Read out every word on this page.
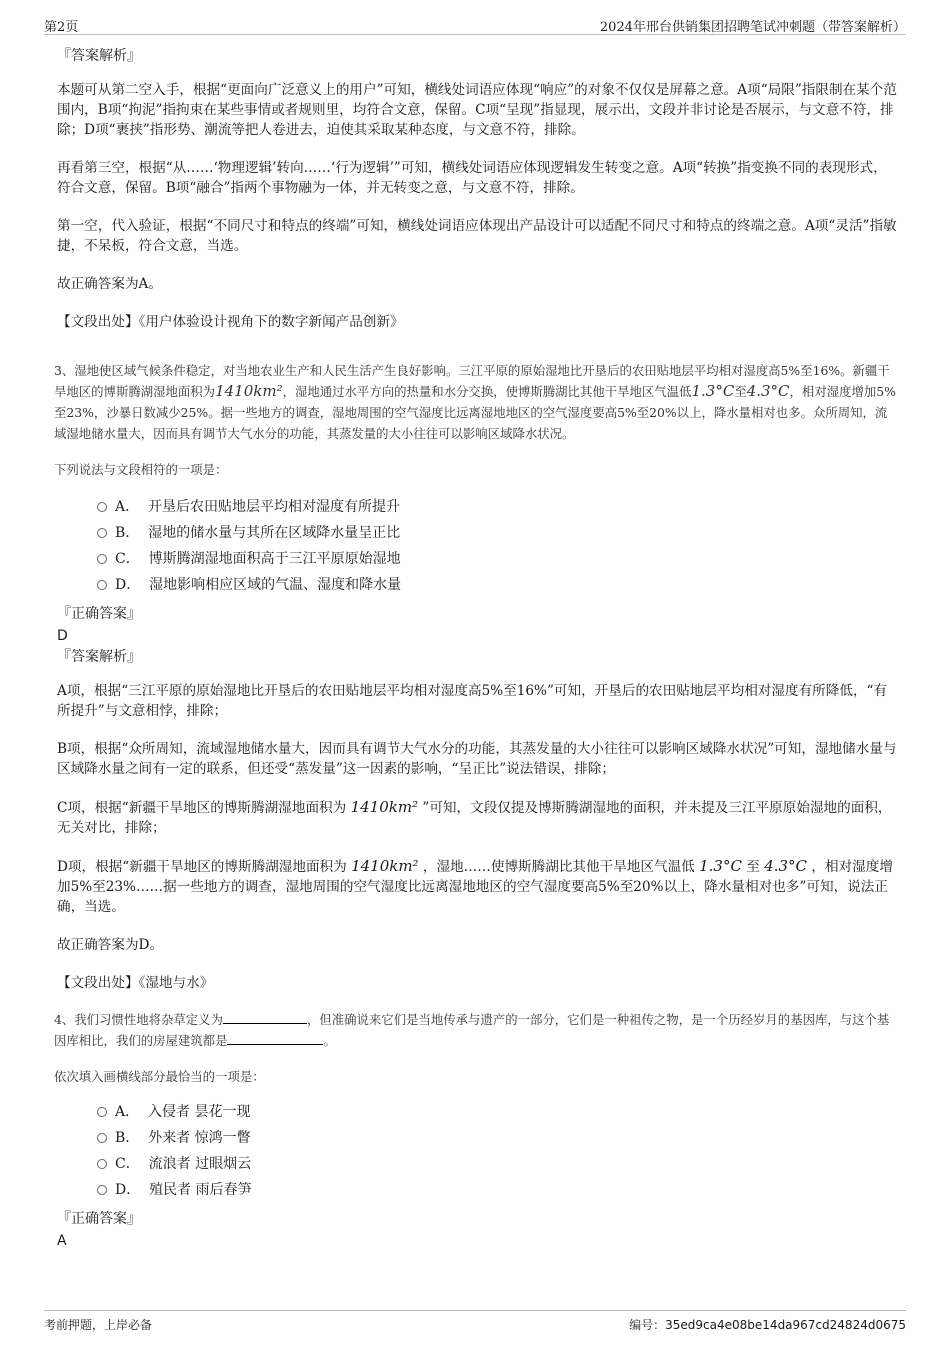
第2页	2024年邢台供销集团招聘笔试冲刺题（带答案解析）

『答案解析』

本题可从第二空入手，根据“更面向广泛意义上的用户”可知，横线处词语应体现“响应”的对象不仅仅是屏幕之意。A项“局限”指限制在某个范围内，B项“拘泥”指拘束在某些事情或者规则里，均符合文意，保留。C项“呈现”指显现，展示出，文段并非讨论是否展示，与文意不符，排除；D项“裹挟”指形势、潮流等把人卷进去，迫使其采取某种态度，与文意不符，排除。

再看第三空，根据“从……‘物理逻辑’转向……‘行为逻辑’”可知，横线处词语应体现逻辑发生转变之意。A项“转换”指变换不同的表现形式，符合文意，保留。B项“融合”指两个事物融为一体，并无转变之意，与文意不符，排除。

第一空，代入验证，根据“不同尺寸和特点的终端”可知，横线处词语应体现出产品设计可以适配不同尺寸和特点的终端之意。A项“灵活”指敏捷，不呆板，符合文意，当选。

故正确答案为A。

【文段出处】《用户体验设计视角下的数字新闻产品创新》

3、湿地使区域气候条件稳定，对当地农业生产和人民生活产生良好影响。三江平原的原始湿地比开垦后的农田贴地层平均相对湿度高5%至16%。新疆干旱地区的博斯腾湖湿地面积为1410km²，湿地通过水平方向的热量和水分交换，使博斯腾湖比其他干旱地区气温低1.3°C至4.3°C，相对湿度增加5%至23%，沙暴日数减少25%。据一些地方的调查，湿地周围的空气湿度比远离湿地地区的空气湿度要高5%至20%以上，降水量相对也多。众所周知，流域湿地储水量大，因而具有调节大气水分的功能，其蒸发量的大小往往可以影响区域降水状况。

下列说法与文段相符的一项是：

A． 开垦后农田贴地层平均相对湿度有所提升
B． 湿地的储水量与其所在区域降水量呈正比
C． 博斯腾湖湿地面积高于三江平原原始湿地
D． 湿地影响相应区域的气温、湿度和降水量

『正确答案』

D

『答案解析』

A项，根据“三江平原的原始湿地比开垦后的农田贴地层平均相对湿度高5%至16%”可知，开垦后的农田贴地层平均相对湿度有所降低，“有所提升”与文意相悖，排除；

B项，根据“众所周知，流域湿地储水量大，因而具有调节大气水分的功能，其蒸发量的大小往往可以影响区域降水状况”可知，湿地储水量与区域降水量之间有一定的联系，但还受“蒸发量”这一因素的影响，“呈正比”说法错误，排除；

C项，根据“新疆干旱地区的博斯腾湖湿地面积为 1410km² ”可知，文段仅提及博斯腾湖湿地的面积，并未提及三江平原原始湿地的面积，无关对比，排除；

D项，根据“新疆干旱地区的博斯腾湖湿地面积为 1410km² ，湿地……使博斯腾湖比其他干旱地区气温低 1.3°C 至 4.3°C ，相对湿度增加5%至23%……据一些地方的调查，湿地周围的空气湿度比远离湿地地区的空气湿度要高5%至20%以上，降水量相对也多”可知，说法正确，当选。

故正确答案为D。

【文段出处】《湿地与水》

4、我们习惯性地将杂草定义为	，但准确说来它们是当地传承与遗产的一部分，它们是一种祖传之物，是一个历经岁月的基因库，与这个基因库相比，我们的房屋建筑都是	。

依次填入画横线部分最恰当的一项是：

A． 入侵者 昙花一现
B． 外来者 惊鸿一瞥
C． 流浪者 过眼烟云
D． 殖民者 雨后春笋

『正确答案』

A

考前押题，上岸必备	编号：35ed9ca4e08be14da967cd24824d0675
